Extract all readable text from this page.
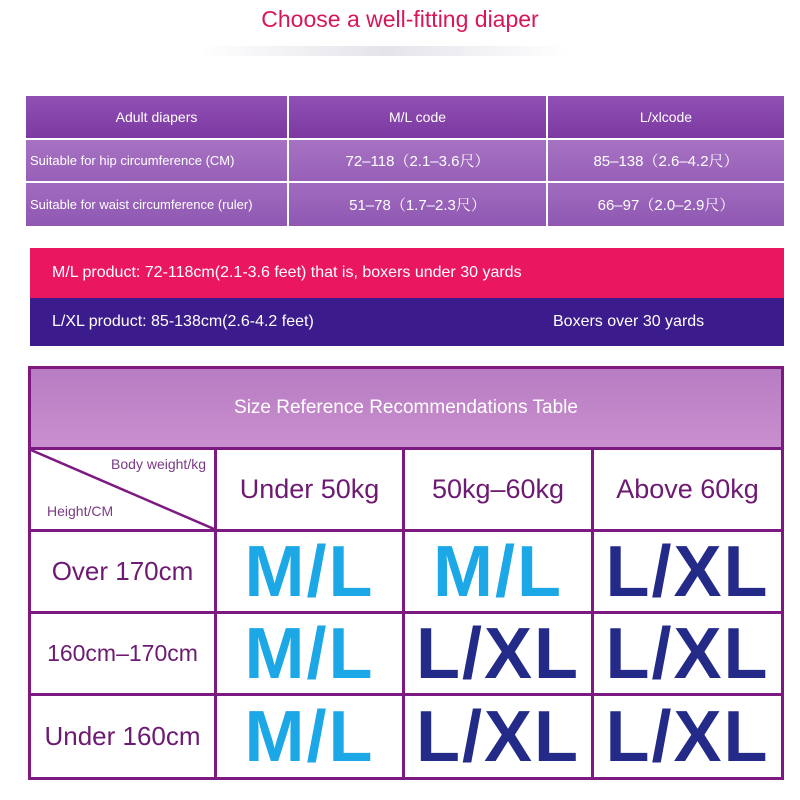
Choose a well-fitting diaper
Adult diapers	M/L code	L/xlcode
Suitable for hip circumference (CM)	72–118（2.1–3.6尺）	85–138（2.6–4.2尺）
Suitable for waist circumference (ruler)	51–78（1.7–2.3尺）	66–97（2.0–2.9尺）
M/L product: 72-118cm(2.1-3.6 feet) that is, boxers under 30 yards
L/XL product: 85-138cm(2.6-4.2 feet)	Boxers over 30 yards
Size Reference Recommendations Table
Body weight/kg
Height/CM
Under 50kg	50kg–60kg	Above 60kg
Over 170cm M/L M/L L/XL
160cm–170cm M/L L/XL L/XL
Under 160cm M/L L/XL L/XL
